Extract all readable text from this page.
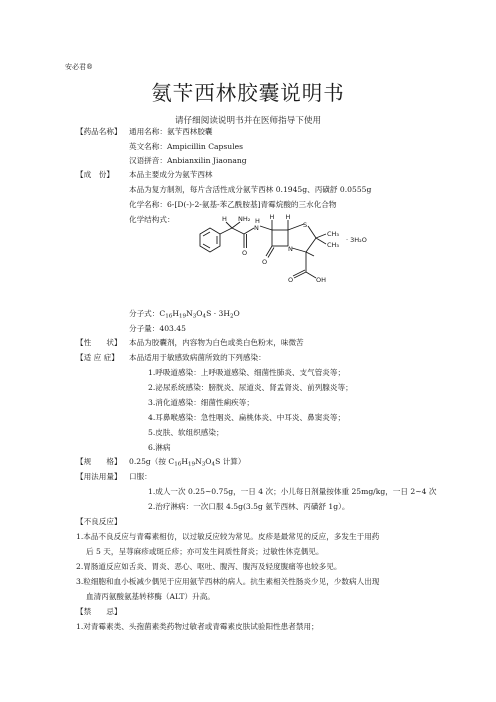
安必君®
氨苄西林胶囊说明书
请仔细阅读说明书并在医师指导下使用
【药品名称】 通用名称：氨苄西林胶囊
英文名称：Ampicillin Capsules
汉语拼音：Anbianxilin Jiaonang
【成　份】 本品主要成分为氨苄西林
本品为复方制剂，每片含活性成分氨苄西林 0.1945g、丙磺舒 0.0555g
化学名称：6-[D(-)-2-氨基-苯乙酰胺基]青霉烷酸的三水化合物
化学结构式：	NH₂
H
O
N
H H H
N
S
CH₃
CH₃
O
O	OH
· 3H₂O
分子式：$C_{16}H_{19}N_3O_4S \cdot 3H_2O$
分子量：403.45
【性　　状】 本品为胶囊剂，内容物为白色或类白色粉末，味微苦
【适 应 症】 本品适用于敏感致病菌所致的下列感染：
1.呼吸道感染：上呼吸道感染、细菌性肺炎、支气管炎等；
2.泌尿系统感染：膀胱炎、尿道炎、肾盂肾炎、前列腺炎等；
3.消化道感染：细菌性痢疾等；
4.耳鼻喉感染：急性咽炎、扁桃体炎、中耳炎、鼻窦炎等；
5.皮肤、软组织感染；
6.淋病
【规　　格】 0.25g（按 $C_{16}H_{19}N_3O_4S$ 计算）
【用法用量】 口服：
1.成人一次 0.25~0.75g，一日 4 次；小儿每日剂量按体重 25mg/kg，一日 2~4 次
2.治疗淋病：一次口服 4.5g(3.5g 氨苄西林、丙磺舒 1g）。
【不良反应】
1.本品不良反应与青霉素相仿，以过敏反应较为常见。皮疹是最常见的反应，多发生于用药
后 5 天，呈荨麻疹或斑丘疹；亦可发生间质性肾炎；过敏性休克偶见。
2.胃肠道反应如舌炎、胃炎、恶心、呕吐、腹泻、腹泻及轻度腹痛等也较多见。
3.粒细胞和血小板减少偶见于应用氨苄西林的病人。抗生素相关性肠炎少见，少数病人出现
血清丙氨酸氨基转移酶（ALT）升高。
【禁　　忌】
1.对青霉素类、头孢菌素类药物过敏者或青霉素皮肤试验阳性患者禁用；
